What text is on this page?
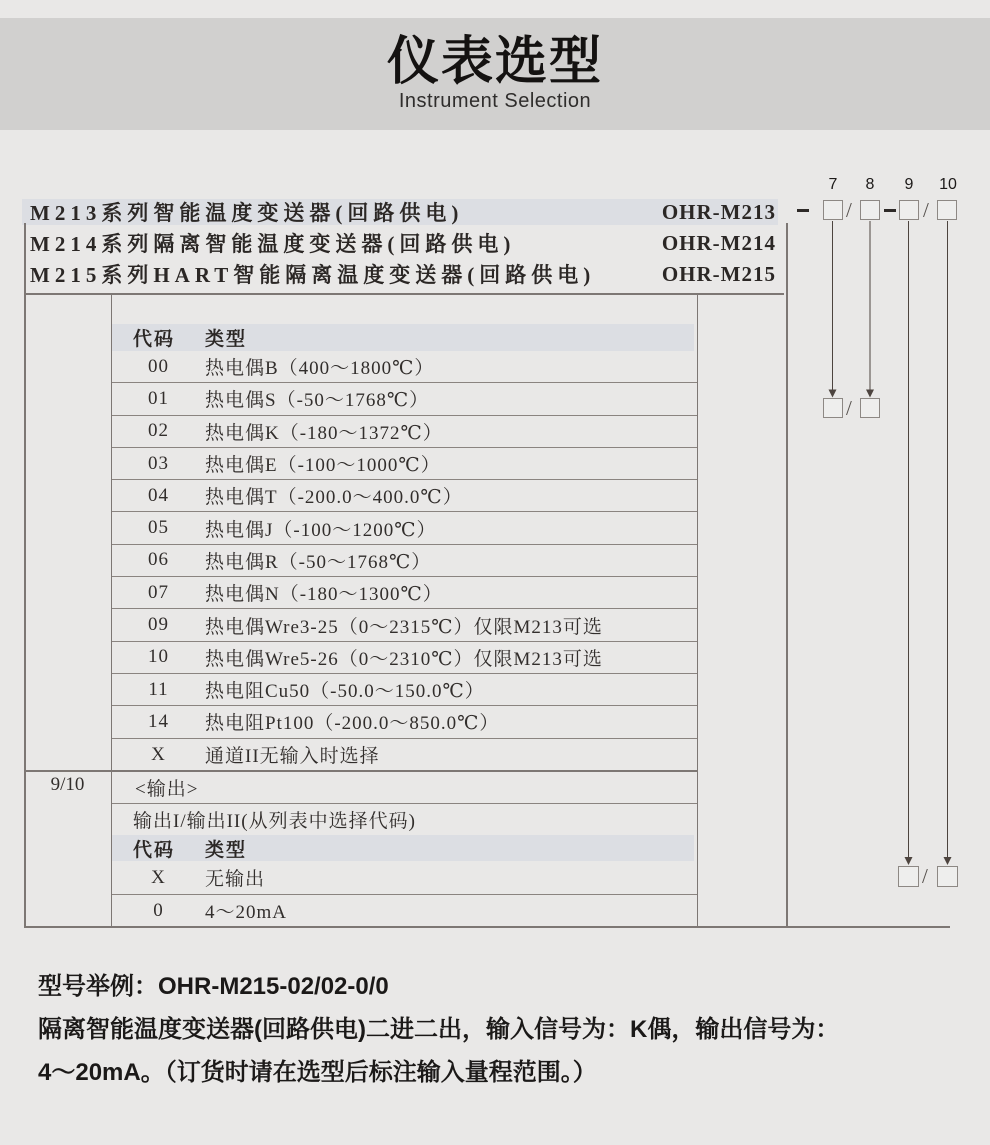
仪表选型
Instrument Selection
M213系列智能温度变送器(回路供电)	OHR-M213
M214系列隔离智能温度变送器(回路供电)	OHR-M214
M215系列HART智能隔离温度变送器(回路供电)	OHR-M215
7	8	9	10
/	/
/
/
代码 类型
00	热电偶B（400～1800℃）
01	热电偶S（-50～1768℃）
02	热电偶K（-180～1372℃）
03	热电偶E（-100～1000℃）
04	热电偶T（-200.0～400.0℃）
05	热电偶J（-100～1200℃）
06	热电偶R（-50～1768℃）
07	热电偶N（-180～1300℃）
09	热电偶Wre3-25（0～2315℃）仅限M213可选
10	热电偶Wre5-26（0～2310℃）仅限M213可选
11	热电阻Cu50（-50.0～150.0℃）
14	热电阻Pt100（-200.0～850.0℃）
X	通道II无输入时选择
9/10	<输出>
输出I/输出II(从列表中选择代码)
代码 类型
X	无输出
0	4～20mA
型号举例：OHR-M215-02/02-0/0
隔离智能温度变送器(回路供电)二进二出，输入信号为：K偶，输出信号为：
4～20mA。（订货时请在选型后标注输入量程范围。）
